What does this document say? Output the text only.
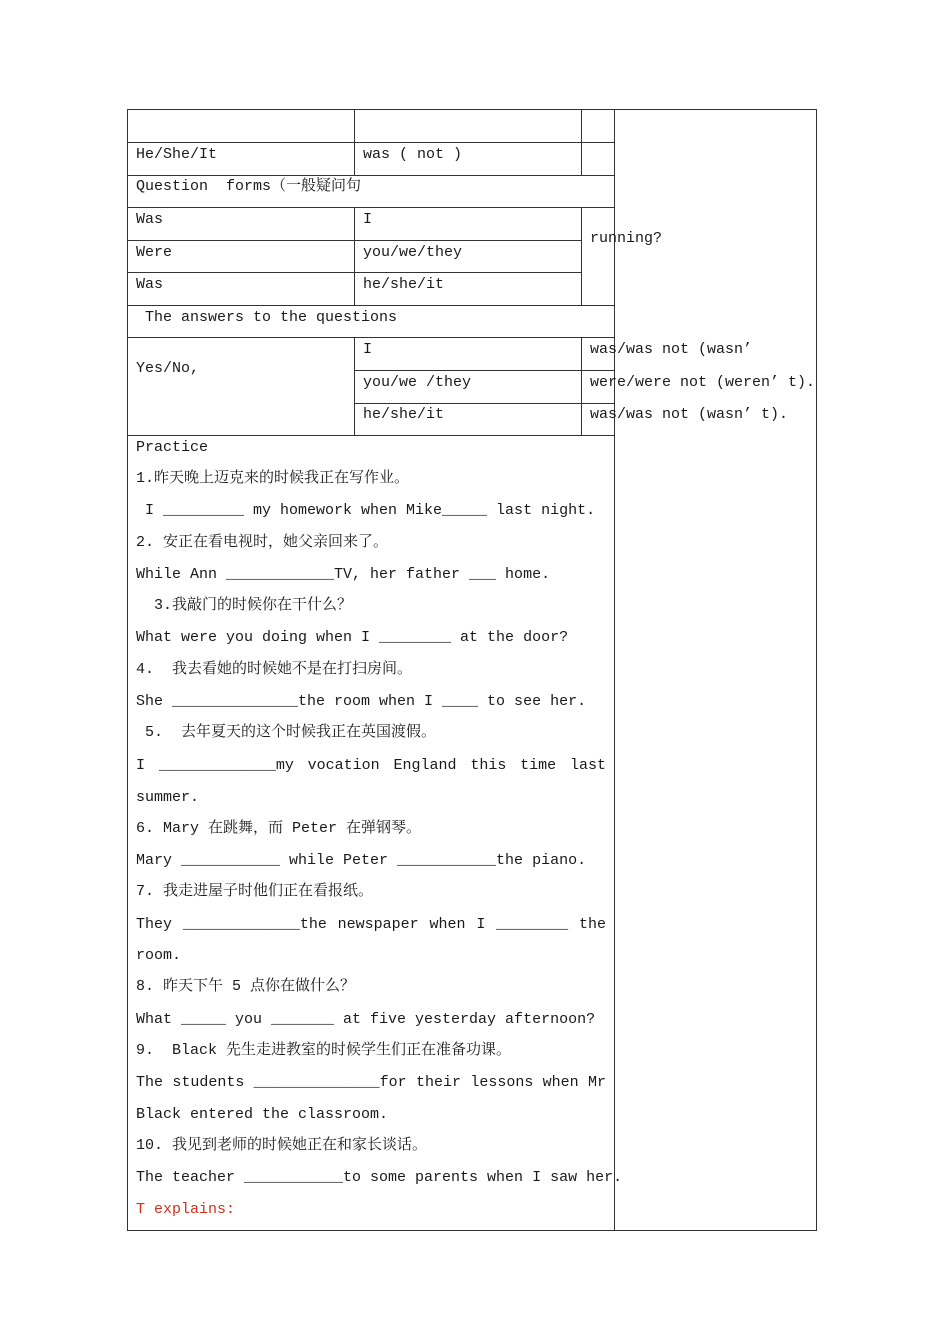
He/She/It	was ( not )
Question  forms（一般疑问句
Was	I
Were	you/we/they
Was	he/she/it
running?
The answers to the questions
Yes/No,
I	was/was not (wasn’
you/we /they	were/were not (weren’ t).
he/she/it	was/was not (wasn’ t).
Practice
1.昨天晚上迈克来的时候我正在写作业。
I _________ my homework when Mike_____ last night.
2. 安正在看电视时，她父亲回来了。
While Ann ____________TV, her father ___ home.
3.我敲门的时候你在干什么？
What were you doing when I ________ at the door?
4.  我去看她的时候她不是在打扫房间。
She ______________the room when I ____ to see her.
5.  去年夏天的这个时候我正在英国渡假。
I _____________my vocation England this time last
summer.
6. Mary 在跳舞，而 Peter 在弹钢琴。
Mary ___________ while Peter ___________the piano.
7. 我走进屋子时他们正在看报纸。
They _____________the newspaper when I ________ the
room.
8. 昨天下午 5 点你在做什么？
What _____ you _______ at five yesterday afternoon?
9.  Black 先生走进教室的时候学生们正在准备功课。
The students ______________for their lessons when Mr
Black entered the classroom.
10. 我见到老师的时候她正在和家长谈话。
The teacher ___________to some parents when I saw her.
T explains:
